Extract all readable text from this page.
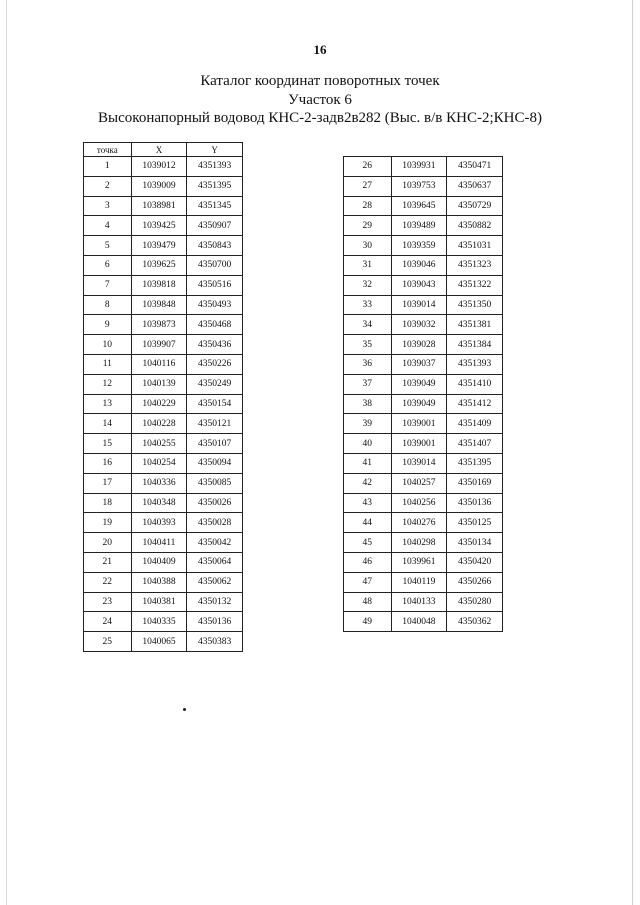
16
Каталог координат поворотных точек
Участок 6
Высоконапорный водовод КНС-2-задв2в282 (Выс. в/в КНС-2;КНС-8)
точка	X	Y
1	1039012	4351393
2	1039009	4351395
3	1038981	4351345
4	1039425	4350907
5	1039479	4350843
6	1039625	4350700
7	1039818	4350516
8	1039848	4350493
9	1039873	4350468
10	1039907	4350436
11	1040116	4350226
12	1040139	4350249
13	1040229	4350154
14	1040228	4350121
15	1040255	4350107
16	1040254	4350094
17	1040336	4350085
18	1040348	4350026
19	1040393	4350028
20	1040411	4350042
21	1040409	4350064
22	1040388	4350062
23	1040381	4350132
24	1040335	4350136
25	1040065	4350383
26	1039931	4350471
27	1039753	4350637
28	1039645	4350729
29	1039489	4350882
30	1039359	4351031
31	1039046	4351323
32	1039043	4351322
33	1039014	4351350
34	1039032	4351381
35	1039028	4351384
36	1039037	4351393
37	1039049	4351410
38	1039049	4351412
39	1039001	4351409
40	1039001	4351407
41	1039014	4351395
42	1040257	4350169
43	1040256	4350136
44	1040276	4350125
45	1040298	4350134
46	1039961	4350420
47	1040119	4350266
48	1040133	4350280
49	1040048	4350362
